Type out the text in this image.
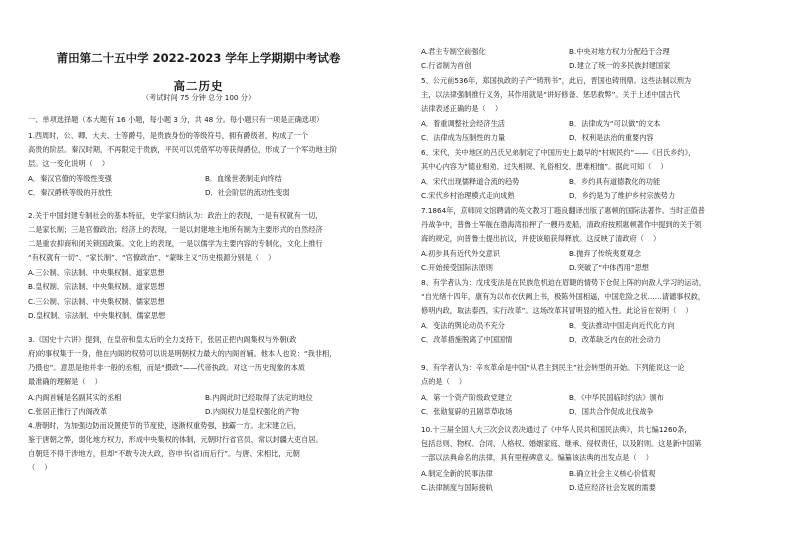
莆田第二十五中学 2022-2023 学年上学期期中考试卷
高二历史
（考试时间 75 分钟 总分 100 分）
一、单项选择题（本大题有 16 小题，每小题 3 分，共 48 分。每小题只有一项是正确选项）
1.西周时，公、卿、大夫、士等爵号，是贵族身份的等级符号，拥有爵级者，构成了一个
高贵的阶层。秦汉时期，不再限定于贵族，平民可以凭借军功等获得爵位，形成了一个军功地主阶
层。这一变化说明（    ）
A．秦汉官僚的等级性变强	B．血缘世袭制走向终结
C．秦汉爵秩等级的开放性	D．社会阶层的流动性变弱
2.关于中国封建专制社会的基本特征，史学家归纳认为：政治上的表现，一是有权就有一切，
二是家长制；三是官僚政治；经济上的表现，一是以封建地主地所有制为主要形式的自然经济
二是重农抑商和闭关锁国政策。文化上的表现，一是以儒学为主要内容的专制化，文化上推行
“有权就有一切”、“家长制”、“官僚政治”、“蒙昧主义”历史根源分别是（    ）
A.三公制、宗法制、中央集权制、道家思想
B.皇权制、宗法制、中央集权制、道家思想
C.三公制、宗法制、中央集权制、儒家思想
D.皇权制、宗法制、中央集权制、儒家思想
3.《国史十六讲》提到，在皇帝和皇太后的全力支持下，张居正把内阁集权与外朝(政
府)的事权集于一身，他在内阁的权势可以说是明朝权力最大的内阁首辅。他本人也说：“我非相，
乃摄也”。意思是他并非一般的丞相，而是“摄政”——代帝执政。对这一历史现象的本质
最准确的理解是（    ）
A.内阁首辅是名副其实的丞相	B.内阁此时已经取得了法定的地位
C.张居正推行了内阁改革	D.内阁权力是皇权强化的产物
4.唐朝时，为加强边防而设置使节的节度使，逐渐权重势强，独霸一方。北宋建立后，
鉴于唐朝之弊，弱化地方权力，形成中央集权的体制，元朝时行省官员，常以封疆大吏自居。
自朝廷不得干涉地方，但却“不敢专决大政，咨申书(省)而后行”。与唐、宋相比，元朝
（    ）
A.君主专制空前强化	B.中央对地方权力分配趋于合理
C.行省制为首创	D.建立了统一的多民族封建国家
5、公元前536年，郑国执政的子产“铸刑书”，此后，晋国也铸刑鼎。这些法制以刑为
主，以法律强制推行义务，其作用就是“讲好修备、惩恶救弊”。关于上述中国古代
法律表述正确的是（    ）
A．着重调整社会经济生活	B．法律成为“可以做”的文本
C．法律成为压制性的力量	D．权利是法治的重要内容
6、宋代，关中地区的吕氏兄弟制定了中国历史上最早的“村规民约”——《吕氏乡约》，
其中心内容为“德业相劝、过失相规、礼俗相交、患难相恤”。据此可知（    ）
A．宋代出现儒释道合流的趋势	B．乡约具有道德教化的功能
C.宋代乡村治理模式走向成熟	D．乡约是为了维护乡村宗族势力
7.1864年，京师同文馆聘请的英文教习丁韪良翻译出版了惠顿的国际法著作。当时正值普
丹战争中，普鲁士军舰在渤海湾扣押了一艘丹麦船，清政府按照惠顿著作中提到的关于领
海的规定，向普鲁士提出抗议，并使该船获得释放。这反映了清政府（    ）
A.初步具有近代外交意识	B.抛弃了传统夷夏观念
C.开始接受国际法原则	D.突破了“中体西用”思想
8、有学者认为：戊戌变法是在民族危机迫在眉睫的情势下仓促上阵的向敌人学习的运动，
“自光绪十四年，康有为以布衣伏阙上书，极陈外国相逼，中国危险之状……请谴事权救，
修明内政，取法泰西，实行改革”。这场改革其冒明显的植入性。此论旨在说明（    ）
A．变法的舆论动员不充分	B．变法推动中国走向近代化方向
C．改革措施脱离了中国国情	D．改革缺乏内在的社会动力
9、有学者认为：辛亥革命是中国“从君主到民主”社会转型的开始。下列能说这一论
点的是（    ）
A．第一个资产阶级政党建立	B．《中华民国临时约法》颁布
C．张勋复辟的丑剧草草收场	D．国共合作促成北伐战争
10.十三届全国人大三次会议表决通过了《中华人民共和国民法典》，共七编1260条，
包括总则、物权、合同、人格权、婚姻家庭、继承、侵权责任，以及附则。这是新中国第
一部以法典命名的法律，具有里程碑意义。编纂该法典的出发点是（    ）
A.制定全新的民事法律	B.确立社会主义核心价值观
C.法律制度与国际接轨	D.适应经济社会发展的需要
